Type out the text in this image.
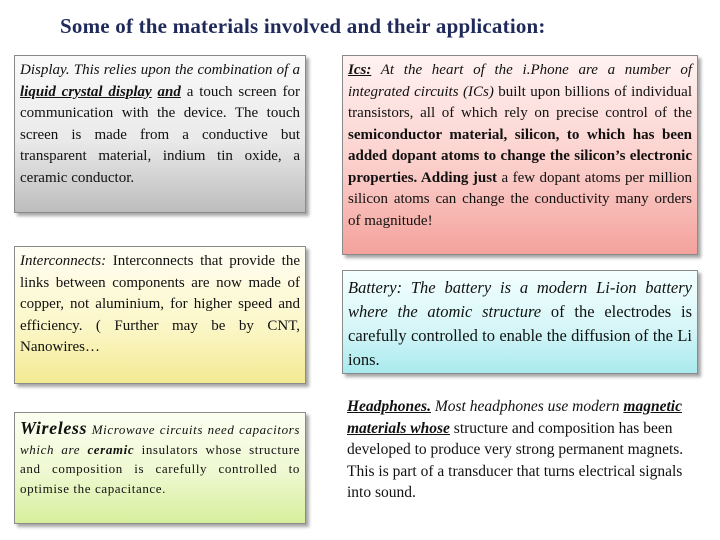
Some of the materials involved and their application:

Display. This relies upon the combination of a liquid crystal display and a touch screen for communication with the device. The touch screen is made from a conductive but transparent material, indium tin oxide, a ceramic conductor.

Interconnects: Interconnects that provide the links between components are now made of copper, not aluminium, for higher speed and efficiency. ( Further may be by CNT, Nanowires…

Wireless Microwave circuits need capacitors which are ceramic insulators whose structure and composition is carefully controlled to optimise the capacitance.

Ics: At the heart of the i.Phone are a number of integrated circuits (ICs) built upon billions of individual transistors, all of which rely on precise control of the semiconductor material, silicon, to which has been added dopant atoms to change the silicon’s electronic properties. Adding just a few dopant atoms per million silicon atoms can change the conductivity many orders of magnitude!

Battery: The battery is a modern Li-ion battery where the atomic structure of the electrodes is carefully controlled to enable the diffusion of the Li ions.

Headphones. Most headphones use modern magnetic materials whose structure and composition has been developed to produce very strong permanent magnets. This is part of a transducer that turns electrical signals into sound.
